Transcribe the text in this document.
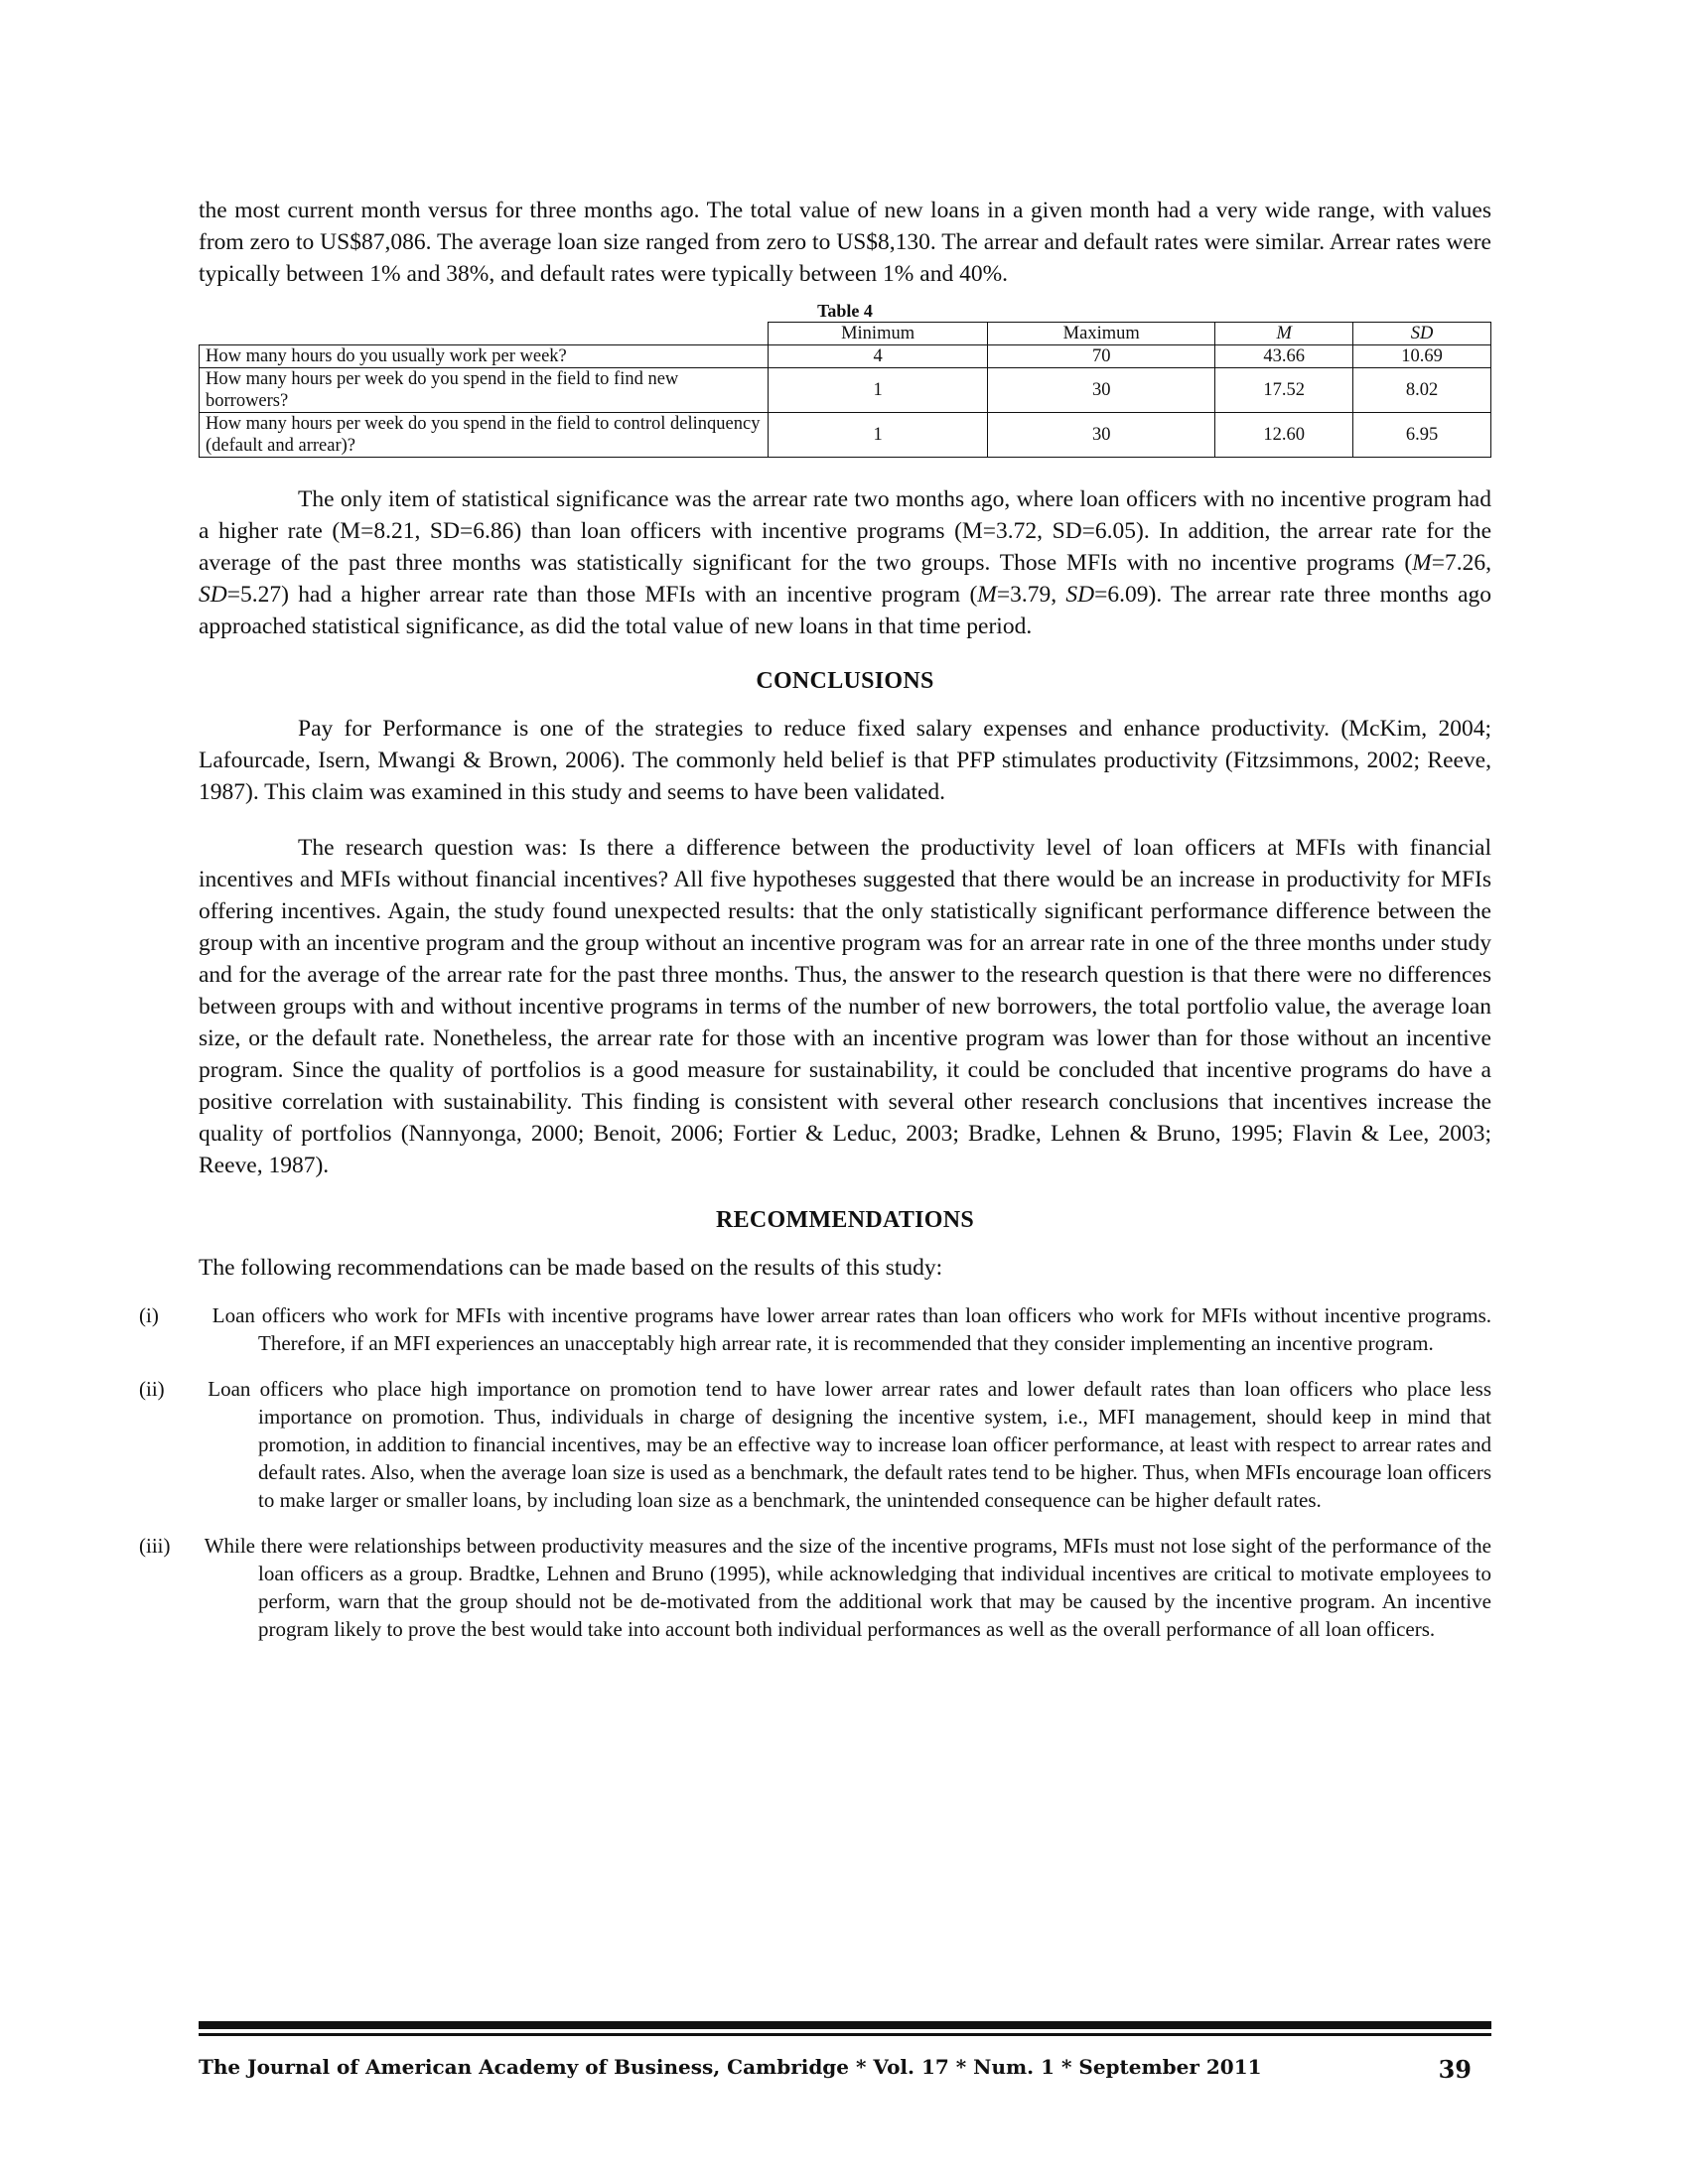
the most current month versus for three months ago. The total value of new loans in a given month had a very wide range, with values from zero to US$87,086. The average loan size ranged from zero to US$8,130. The arrear and default rates were similar. Arrear rates were typically between 1% and 38%, and default rates were typically between 1% and 40%.

Table 4
	Minimum	Maximum	M	SD
How many hours do you usually work per week?	4	70	43.66	10.69
How many hours per week do you spend in the field to find new borrowers?	1	30	17.52	8.02
How many hours per week do you spend in the field to control delinquency (default and arrear)?	1	30	12.60	6.95

The only item of statistical significance was the arrear rate two months ago, where loan officers with no incentive program had a higher rate (M=8.21, SD=6.86) than loan officers with incentive programs (M=3.72, SD=6.05). In addition, the arrear rate for the average of the past three months was statistically significant for the two groups. Those MFIs with no incentive programs (M=7.26, SD=5.27) had a higher arrear rate than those MFIs with an incentive program (M=3.79, SD=6.09). The arrear rate three months ago approached statistical significance, as did the total value of new loans in that time period.

CONCLUSIONS

Pay for Performance is one of the strategies to reduce fixed salary expenses and enhance productivity. (McKim, 2004; Lafourcade, Isern, Mwangi & Brown, 2006). The commonly held belief is that PFP stimulates productivity (Fitzsimmons, 2002; Reeve, 1987). This claim was examined in this study and seems to have been validated.

The research question was: Is there a difference between the productivity level of loan officers at MFIs with financial incentives and MFIs without financial incentives? All five hypotheses suggested that there would be an increase in productivity for MFIs offering incentives. Again, the study found unexpected results: that the only statistically significant performance difference between the group with an incentive program and the group without an incentive program was for an arrear rate in one of the three months under study and for the average of the arrear rate for the past three months. Thus, the answer to the research question is that there were no differences between groups with and without incentive programs in terms of the number of new borrowers, the total portfolio value, the average loan size, or the default rate. Nonetheless, the arrear rate for those with an incentive program was lower than for those without an incentive program. Since the quality of portfolios is a good measure for sustainability, it could be concluded that incentive programs do have a positive correlation with sustainability. This finding is consistent with several other research conclusions that incentives increase the quality of portfolios (Nannyonga, 2000; Benoit, 2006; Fortier & Leduc, 2003; Bradke, Lehnen & Bruno, 1995; Flavin & Lee, 2003; Reeve, 1987).

RECOMMENDATIONS

The following recommendations can be made based on the results of this study:

(i)	Loan officers who work for MFIs with incentive programs have lower arrear rates than loan officers who work for MFIs without incentive programs. Therefore, if an MFI experiences an unacceptably high arrear rate, it is recommended that they consider implementing an incentive program.
(ii) Loan officers who place high importance on promotion tend to have lower arrear rates and lower default rates than loan officers who place less importance on promotion. Thus, individuals in charge of designing the incentive system, i.e., MFI management, should keep in mind that promotion, in addition to financial incentives, may be an effective way to increase loan officer performance, at least with respect to arrear rates and default rates. Also, when the average loan size is used as a benchmark, the default rates tend to be higher. Thus, when MFIs encourage loan officers to make larger or smaller loans, by including loan size as a benchmark, the unintended consequence can be higher default rates.
(iii) While there were relationships between productivity measures and the size of the incentive programs, MFIs must not lose sight of the performance of the loan officers as a group. Bradtke, Lehnen and Bruno (1995), while acknowledging that individual incentives are critical to motivate employees to perform, warn that the group should not be de-motivated from the additional work that may be caused by the incentive program. An incentive program likely to prove the best would take into account both individual performances as well as the overall performance of all loan officers.
The Journal of American Academy of Business, Cambridge * Vol. 17 * Num. 1 * September 2011	39
